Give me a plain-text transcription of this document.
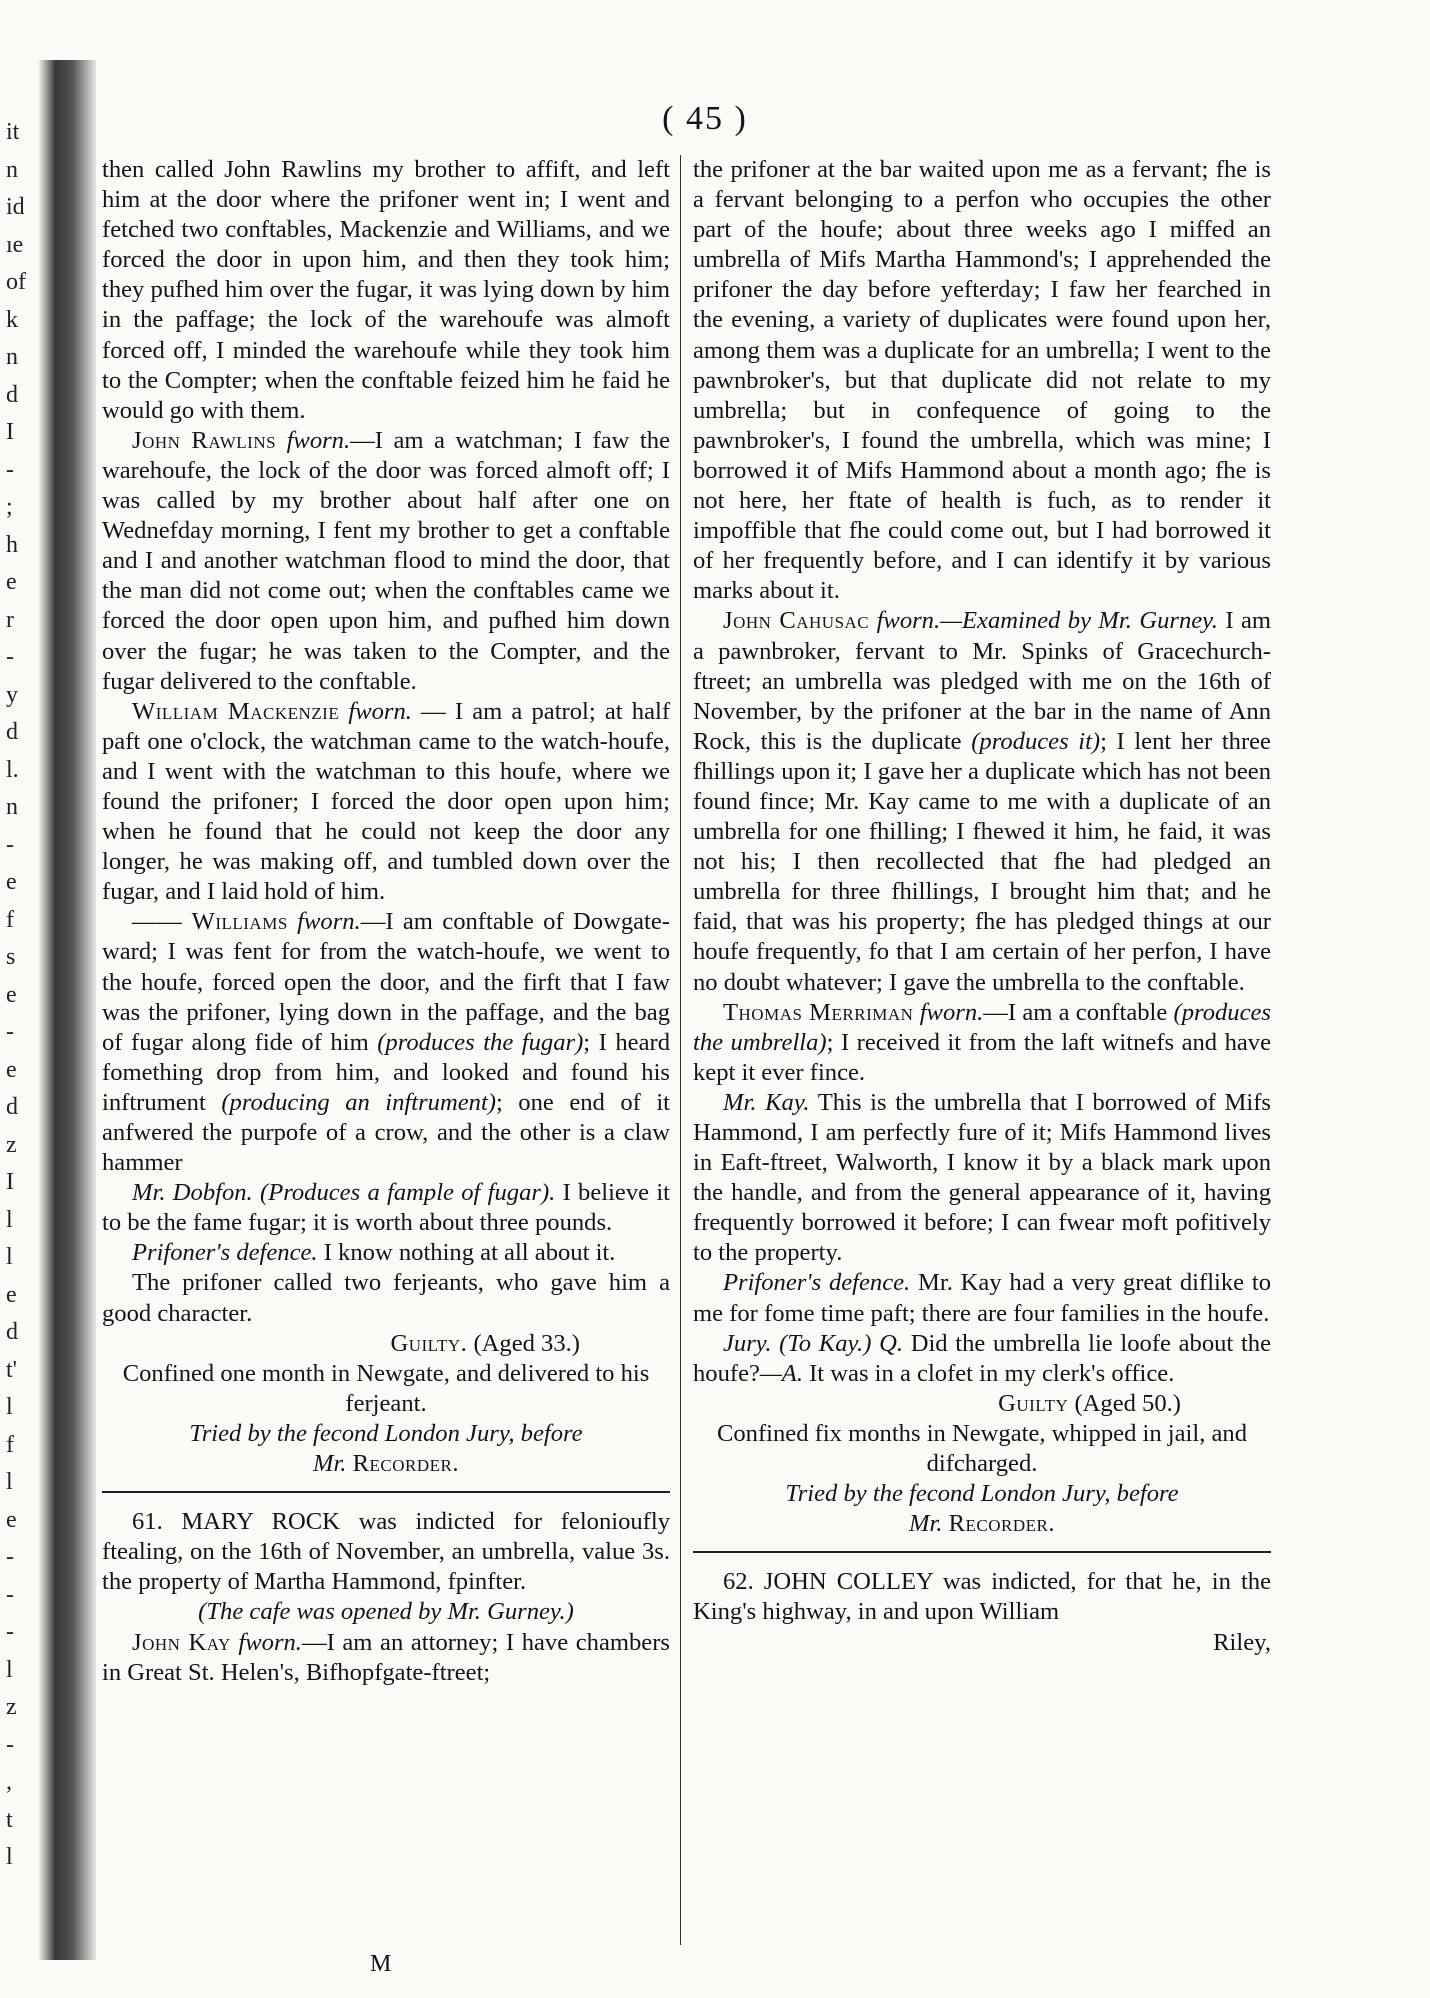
it
n
id
ıe
of
k
n
d
I
-
;
h
e
r
-
y
d
l.
n
-
e
f
s
e
-
e
d
z
I
l
l
e
d
t'
l
f
l
e
-
-
-
l
z
-
,
t
l
( 45 )

then called John Rawlins my brother to affift, and left him at the door where the prifoner went in; I went and fetched two conftables, Mackenzie and Williams, and we forced the door in upon him, and then they took him; they pufhed him over the fugar, it was lying down by him in the paffage; the lock of the warehoufe was almoft forced off, I minded the warehoufe while they took him to the Compter; when the conftable feized him he faid he would go with them.

John Rawlins fworn.—I am a watchman; I faw the warehoufe, the lock of the door was forced almoft off; I was called by my brother about half after one on Wednefday morning, I fent my brother to get a conftable and I and another watchman flood to mind the door, that the man did not come out; when the conftables came we forced the door open upon him, and pufhed him down over the fugar; he was taken to the Compter, and the fugar delivered to the conftable.

William Mackenzie fworn. — I am a patrol; at half paft one o'clock, the watchman came to the watch-houfe, and I went with the watchman to this houfe, where we found the prifoner; I forced the door open upon him; when he found that he could not keep the door any longer, he was making off, and tumbled down over the fugar, and I laid hold of him.

—— Williams fworn.—I am conftable of Dowgate-ward; I was fent for from the watch-houfe, we went to the houfe, forced open the door, and the firft that I faw was the prifoner, lying down in the paffage, and the bag of fugar along fide of him (produces the fugar); I heard fomething drop from him, and looked and found his inftrument (producing an inftrument); one end of it anfwered the purpofe of a crow, and the other is a claw hammer

Mr. Dobfon. (Produces a fample of fugar). I believe it to be the fame fugar; it is worth about three pounds.

Prifoner's defence. I know nothing at all about it.

The prifoner called two ferjeants, who gave him a good character.

Guilty. (Aged 33.)

Confined one month in Newgate, and delivered to his ferjeant.

Tried by the fecond London Jury, before

Mr. Recorder.

61. MARY ROCK was indicted for felonioufly ftealing, on the 16th of November, an umbrella, value 3s. the property of Martha Hammond, fpinfter.

(The cafe was opened by Mr. Gurney.)

John Kay fworn.—I am an attorney; I have chambers in Great St. Helen's, Bifhopfgate-ftreet;

the prifoner at the bar waited upon me as a fervant; fhe is a fervant belonging to a perfon who occupies the other part of the houfe; about three weeks ago I miffed an umbrella of Mifs Martha Hammond's; I apprehended the prifoner the day before yefterday; I faw her fearched in the evening, a variety of duplicates were found upon her, among them was a duplicate for an umbrella; I went to the pawnbroker's, but that duplicate did not relate to my umbrella; but in confequence of going to the pawnbroker's, I found the umbrella, which was mine; I borrowed it of Mifs Hammond about a month ago; fhe is not here, her ftate of health is fuch, as to render it impoffible that fhe could come out, but I had borrowed it of her frequently before, and I can identify it by various marks about it.

John Cahusac fworn.—Examined by Mr. Gurney. I am a pawnbroker, fervant to Mr. Spinks of Gracechurch-ftreet; an umbrella was pledged with me on the 16th of November, by the prifoner at the bar in the name of Ann Rock, this is the duplicate (produces it); I lent her three fhillings upon it; I gave her a duplicate which has not been found fince; Mr. Kay came to me with a duplicate of an umbrella for one fhilling; I fhewed it him, he faid, it was not his; I then recollected that fhe had pledged an umbrella for three fhillings, I brought him that; and he faid, that was his property; fhe has pledged things at our houfe frequently, fo that I am certain of her perfon, I have no doubt whatever; I gave the umbrella to the conftable.

Thomas Merriman fworn.—I am a conftable (produces the umbrella); I received it from the laft witnefs and have kept it ever fince.

Mr. Kay. This is the umbrella that I borrowed of Mifs Hammond, I am perfectly fure of it; Mifs Hammond lives in Eaft-ftreet, Walworth, I know it by a black mark upon the handle, and from the general appearance of it, having frequently borrowed it before; I can fwear moft pofitively to the property.

Prifoner's defence. Mr. Kay had a very great diflike to me for fome time paft; there are four families in the houfe.

Jury. (To Kay.) Q. Did the umbrella lie loofe about the houfe?—A. It was in a clofet in my clerk's office.

Guilty (Aged 50.)

Confined fix months in Newgate, whipped in jail, and difcharged.

Tried by the fecond London Jury, before

Mr. Recorder.

62. JOHN COLLEY was indicted, for that he, in the King's highway, in and upon William

Riley,

M
